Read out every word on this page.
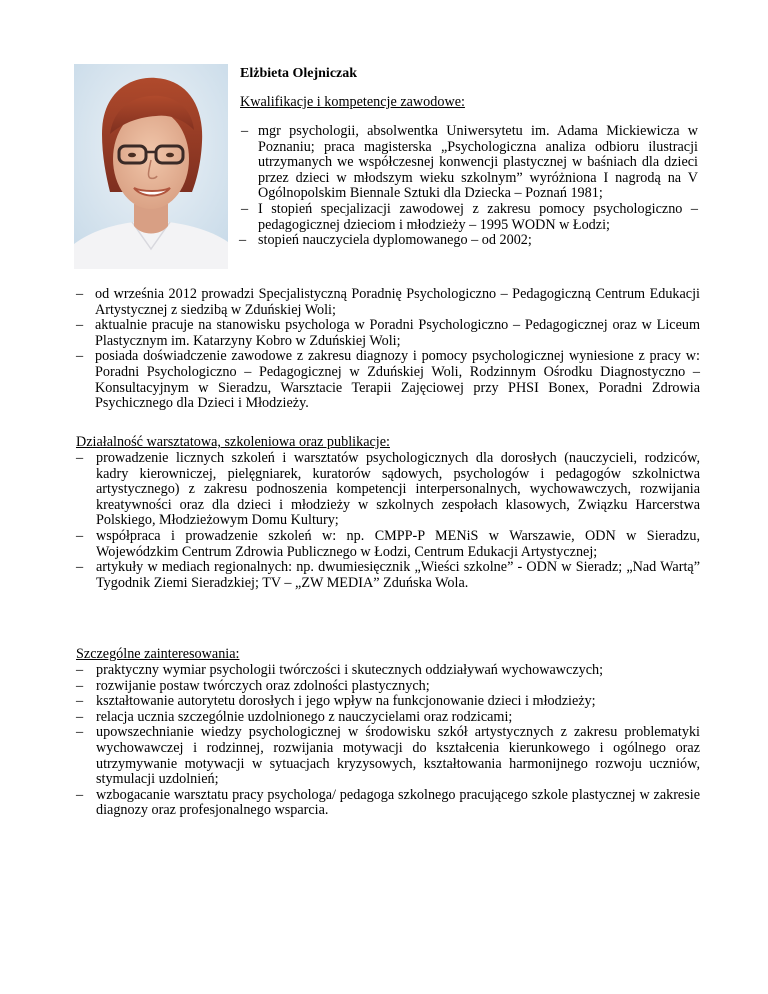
Elżbieta Olejniczak
Kwalifikacje i kompetencje zawodowe:
– mgr psychologii, absolwentka Uniwersytetu im. Adama Mickiewicza w Poznaniu; praca magisterska „Psychologiczna analiza odbioru ilustracji utrzymanych we współczesnej konwencji plastycznej w baśniach dla dzieci przez dzieci w młodszym wieku szkolnym” wyróżniona I nagrodą na V Ogólnopolskim Biennale Sztuki dla Dziecka – Poznań 1981;
– I stopień specjalizacji zawodowej z zakresu pomocy psychologiczno – pedagogicznej dzieciom i młodzieży – 1995 WODN w Łodzi;
– stopień nauczyciela dyplomowanego – od 2002;
– od września 2012 prowadzi Specjalistyczną Poradnię Psychologiczno – Pedagogiczną Centrum Edukacji Artystycznej z siedzibą w Zduńskiej Woli;
– aktualnie pracuje na stanowisku psychologa w Poradni Psychologiczno – Pedagogicznej oraz w Liceum Plastycznym im. Katarzyny Kobro w Zduńskiej Woli;
– posiada doświadczenie zawodowe z zakresu diagnozy i pomocy psychologicznej wyniesione z pracy w: Poradni Psychologiczno – Pedagogicznej w Zduńskiej Woli, Rodzinnym Ośrodku Diagnostyczno – Konsultacyjnym w Sieradzu, Warsztacie Terapii Zajęciowej przy PHSI Bonex, Poradni Zdrowia Psychicznego dla Dzieci i Młodzieży.
Działalność warsztatowa, szkoleniowa oraz publikacje:
– prowadzenie licznych szkoleń i warsztatów psychologicznych dla dorosłych (nauczycieli, rodziców, kadry kierowniczej, pielęgniarek, kuratorów sądowych, psychologów i pedagogów szkolnictwa artystycznego) z zakresu podnoszenia kompetencji interpersonalnych, wychowawczych, rozwijania kreatywności oraz dla dzieci i młodzieży w szkolnych zespołach klasowych, Związku Harcerstwa Polskiego, Młodzieżowym Domu Kultury;
– współpraca i prowadzenie szkoleń w: np. CMPP-P MENiS w Warszawie, ODN w Sieradzu, Wojewódzkim Centrum Zdrowia Publicznego w Łodzi, Centrum Edukacji Artystycznej;
– artykuły w mediach regionalnych: np. dwumiesięcznik „Wieści szkolne” - ODN w Sieradz; „Nad Wartą” Tygodnik Ziemi Sieradzkiej; TV – „ZW MEDIA” Zduńska Wola.
Szczególne zainteresowania:
– praktyczny wymiar psychologii twórczości i skutecznych oddziaływań wychowawczych;
– rozwijanie postaw twórczych oraz zdolności plastycznych;
– kształtowanie autorytetu dorosłych i jego wpływ na funkcjonowanie dzieci i młodzieży;
– relacja ucznia szczególnie uzdolnionego z nauczycielami oraz rodzicami;
– upowszechnianie wiedzy psychologicznej w środowisku szkół artystycznych z zakresu problematyki wychowawczej i rodzinnej, rozwijania motywacji do kształcenia kierunkowego i ogólnego oraz utrzymywanie motywacji w sytuacjach kryzysowych, kształtowania harmonijnego rozwoju uczniów, stymulacji uzdolnień;
– wzbogacanie warsztatu pracy psychologa/ pedagoga szkolnego pracującego szkole plastycznej w zakresie diagnozy oraz profesjonalnego wsparcia.
